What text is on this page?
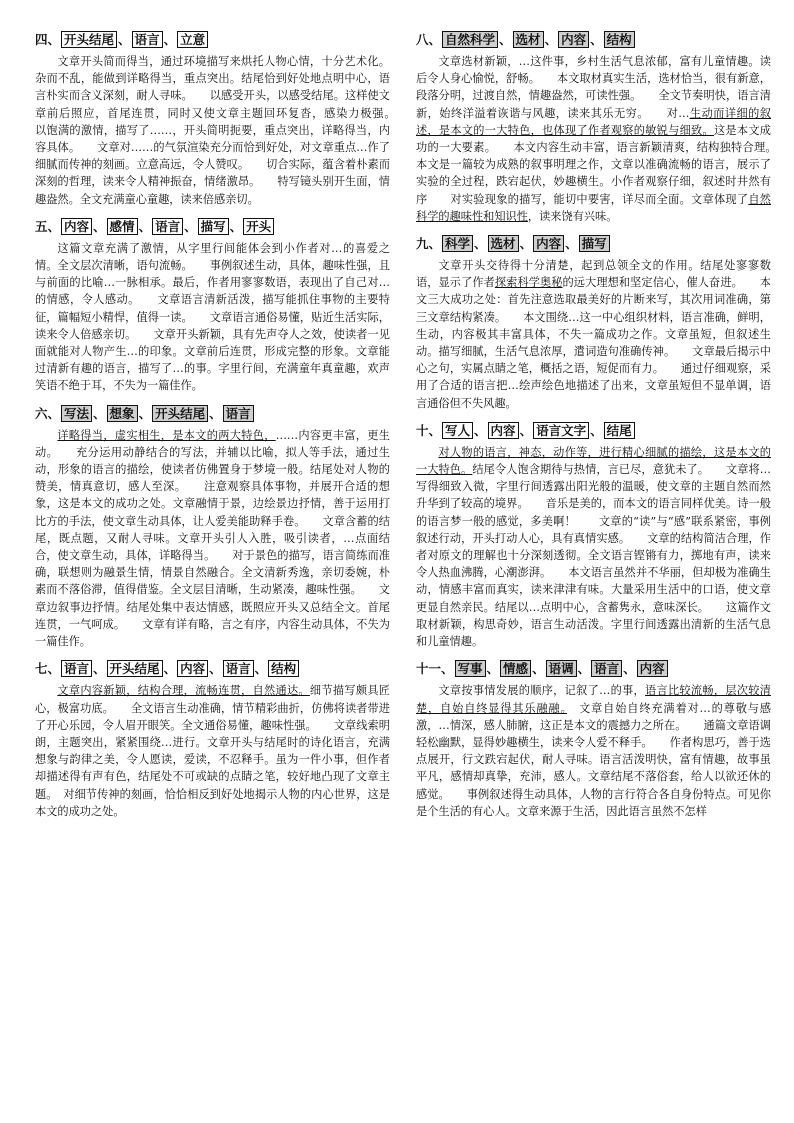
四、 开头结尾 、 语言 、 立意
文章开头简而得当，通过环境描写来烘托人物心情，十分艺术化。杂而不乱，能做到详略得当，重点突出。结尾恰到好处地点明中心，语言朴实而含义深刻，耐人寻味。　　以感受开头，以感受结尾。这样使文章前后照应，首尾连贯，同时又使文章主题回环复沓，感染力极强。　　以饱满的激情，描写了……，开头简明扼要，重点突出，详略得当，内容具体。　　文章对……的气氛渲染充分而恰到好处，对文章重点…作了细腻而传神的刻画。立意高远，令人赞叹。　　切合实际，蕴含着朴素而深刻的哲理，读来令人精神振奋，情绪激昂。　　特写镜头别开生面，情趣盎然。全文充满童心童趣，读来倍感亲切。
五、 内容 、 感情 、 语言 、 描写 、 开头
这篇文章充满了激情，从字里行间能体会到小作者对…的喜爱之情。全文层次清晰，语句流畅。　　事例叙述生动，具体，趣味性强，且与前面的比喻…一脉相承。最后，作者用寥寥数语，表现出了自己对…的情感，令人感动。　　文章语言清新活泼，描写能抓住事物的主要特征，篇幅短小精悍，值得一读。　　文章语言通俗易懂，贴近生活实际，读来令人倍感亲切。　　文章开头新颖，具有先声夺人之效，使读者一见面就能对人物产生…的印象。文章前后连贯，形成完整的形象。文章能过清新有趣的语言，描写了…的事。字里行间，充满童年真童趣，欢声笑语不绝于耳，不失为一篇佳作。
六、 写法 、 想象 、 开头结尾 、 语言
详略得当，虚实相生，是本文的两大特色，……内容更丰富，更生动。　　充分运用动静结合的写法，并辅以比喻，拟人等手法，通过生动，形象的语言的描绘，使读者仿佛置身于梦境一般。结尾处对人物的赞美，情真意切，感人至深。　　注意观察具体事物，并展开合适的想象，这是本文的成功之处。文章融情于景，边绘景边抒情，善于运用打比方的手法，使文章生动具体，让人爱美能助释手卷。　　文章含蓄的结尾，既点题，又耐人寻味。文章开头引人入胜，吸引读者，…点面结合，使文章生动，具体，详略得当。　　对于景色的描写，语言简练而准确，联想则为融景生情，情景自然融合。全文清新秀逸，亲切委婉，朴素而不落俗滞，值得借鉴。全文层目清晰，生动紧凑，趣味性强。　　文章边叙事边抒情。结尾处集中表达情感，既照应开头又总结全文。首尾连贯，一气呵成。　　文章有详有略，言之有序，内容生动具体，不失为一篇佳作。
七、 语言 、 开头结尾 、 内容 、 语言 、 结构
文章内容新颖，结构合理，流畅连贯，自然通达。细节描写颇具匠心，极富功底。　　全文语言生动准确，情节精彩曲折，仿佛将读者带进了开心乐园，令人眉开眼笑。全文通俗易懂，趣味性强。　　文章线索明朗，主题突出，紧紧围绕…进行。文章开头与结尾时的诗化语言，充满想象与韵律之美，令人愿读，爱读，不忍释手。虽为一件小事，但作者却描述得有声有色，结尾处不可或缺的点睛之笔，较好地凸现了文章主题。　对细节传神的刻画，恰恰相反到好处地揭示人物的内心世界，这是本文的成功之处。
八、 自然科学 、 选材 、 内容 、 结构
文章选材新颖，…这件事，乡村生活气息浓郁，富有儿童情趣。读后令人身心愉悦，舒畅。　　本文取材真实生活，选材恰当，很有新意，段落分明，过渡自然，情趣盎然，可读性强。　　全文节奏明快，语言清新，始终洋溢着诙谐与风趣，读来其乐无穷。　　对…生动而详细的叙述，是本文的一大特色，也体现了作者观察的敏锐与细致。这是本文成功的一大要素。　　本文内容生动丰富，语言新颖清爽，结构独特合理。　　本文是一篇较为成熟的叙事明理之作，文章以准确流畅的语言，展示了实验的全过程，跌宕起伏，妙趣横生。小作者观察仔细，叙述时井然有序　　对实验现象的描写，能切中要害，详尽而全面。文章体现了自然科学的趣味性和知识性，读来饶有兴味。
九、 科学 、 选材 、 内容 、 描写
文章开头交待得十分清楚，起到总领全文的作用。结尾处寥寥数语，显示了作者探索科学奥秘的远大理想和坚定信心，催人奋进。　　本文三大成功之处：首先注意选取最美好的片断来写，其次用词准确，第三文章结构紧凑。　　本文围绕…这一中心组织材料，语言准确，鲜明，生动，内容极其丰富具体，不失一篇成功之作。文章虽短，但叙述生动。描写细腻，生活气息浓厚，遣词造句准确传神。　　文章最后揭示中心之句，实属点睛之笔，概括之语，短促而有力。　　通过仔细观察，采用了合适的语言把…绘声绘色地描述了出来，文章虽短但不显单调，语言通俗但不失风趣。
十、 写人 、 内容 、 语言文字 、 结尾
对人物的语言，神态，动作等，进行精心细腻的描绘，这是本文的一大特色。结尾令人饱含期待与热情，言已尽，意犹未了。　　文章将…写得细致入微，字里行间透露出阳光般的温暖，使文章的主题自然而然升华到了较高的境界。　　音乐是美的，而本文的语言同样优美。诗一般的语言梦一般的感觉，多美啊！　　文章的“读”与“感”联系紧密，事例叙述行动，开头打动人心，具有真情实感。　　文章的结构简洁合理，作者对原文的理解也十分深刻透彻。全文语言铿锵有力，掷地有声，读来令人热血沸腾，心潮澎湃。　　本文语言虽然并不华丽，但却极为准确生动，情感丰富而真实，读来津津有味。大量采用生活中的口语，使文章更显自然亲民。结尾以…点明中心，含蓄隽永，意味深长。　　这篇作文取材新颖，构思奇妙，语言生动活泼。字里行间透露出清新的生活气息和儿童情趣。
十一、 写事 、 情感 、 语调 、 语言 、 内容
文章按事情发展的顺序，记叙了…的事，语言比较流畅，层次较清楚，自始自终显得其乐融融。　文章自始自终充满着对…的尊敬与感激，…情深，感人肺腑，这正是本文的震撼力之所在。　　通篇文章语调轻松幽默，显得妙趣横生，读来令人爱不释手。　　作者构思巧，善于选点展开，行文跌宕起伏，耐人寻味。语言活泼明快，富有情趣，故事虽平凡，感情却真挚，充沛，感人。文章结尾不落俗套，给人以欲还休的感觉。　　事例叙述得生动具体，人物的言行符合各自身份特点。可见你是个生活的有心人。文章来源于生活，因此语言虽然不怎样
